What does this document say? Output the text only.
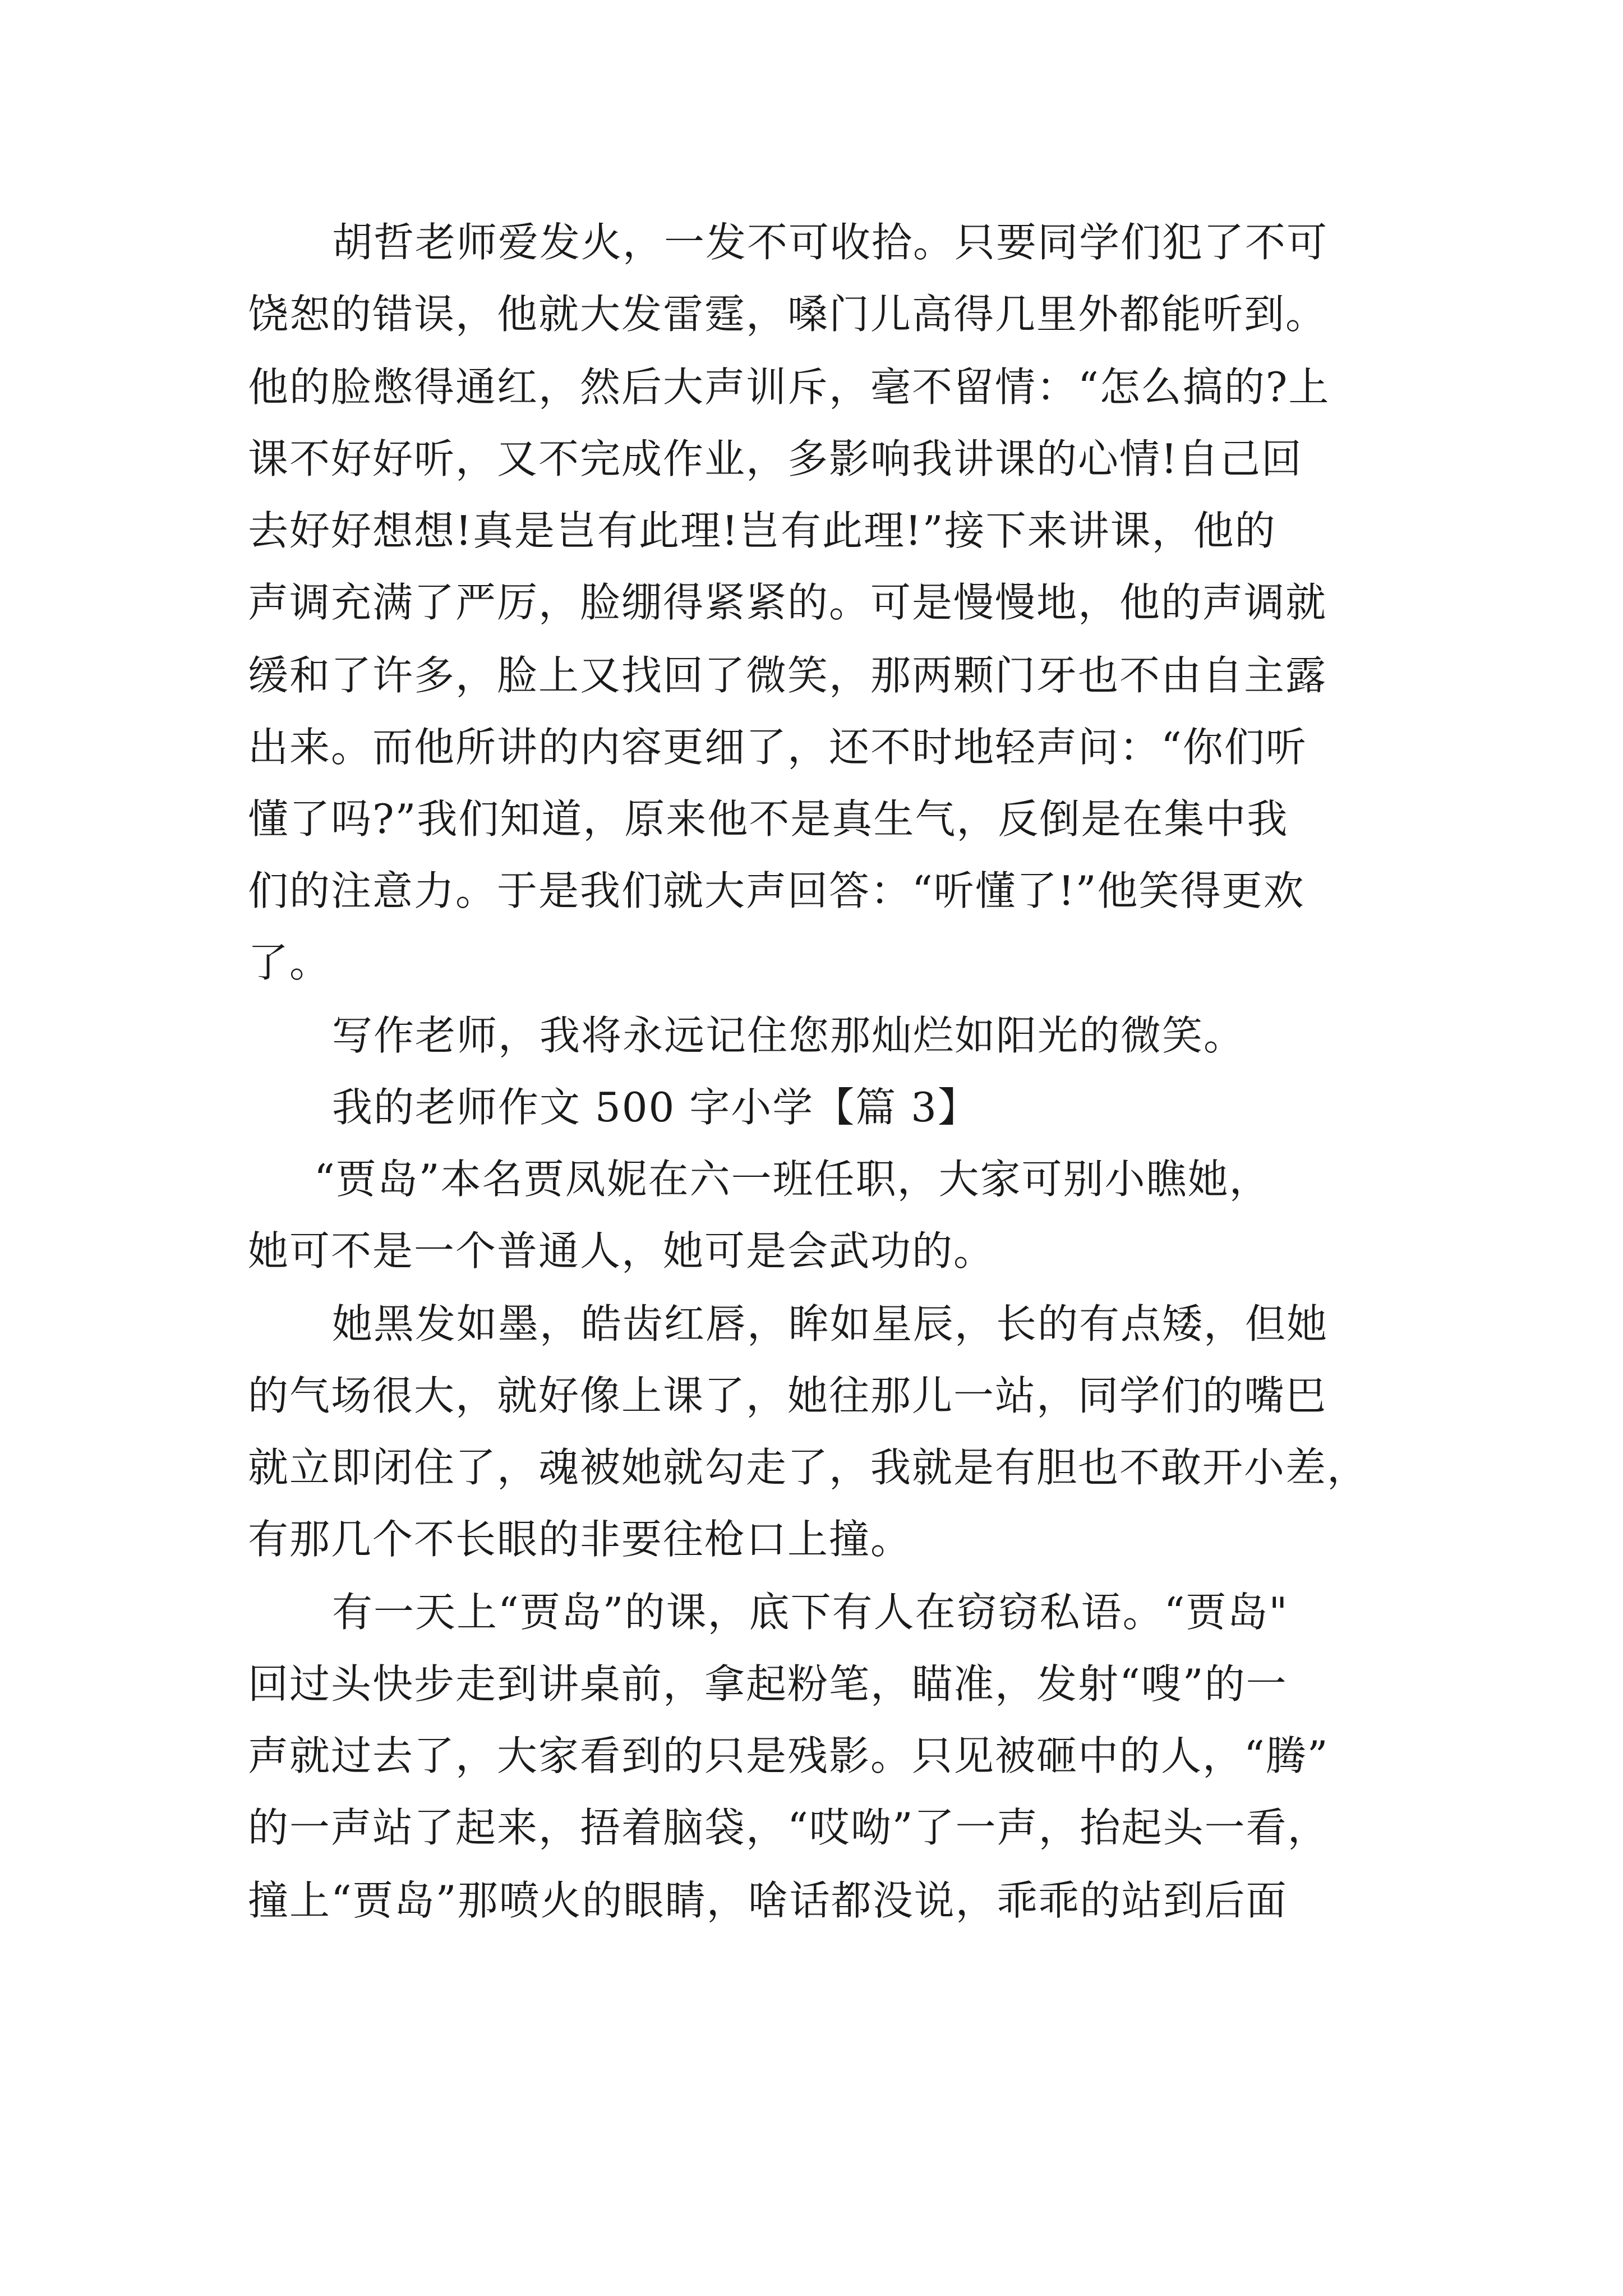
胡哲老师爱发火，一发不可收拾。只要同学们犯了不可
饶恕的错误，他就大发雷霆，嗓门儿高得几里外都能听到。
他的脸憋得通红，然后大声训斥，毫不留情：“怎么搞的?上
课不好好听，又不完成作业，多影响我讲课的心情!自己回
去好好想想!真是岂有此理!岂有此理!”接下来讲课，他的
声调充满了严厉，脸绷得紧紧的。可是慢慢地，他的声调就
缓和了许多，脸上又找回了微笑，那两颗门牙也不由自主露
出来。而他所讲的内容更细了，还不时地轻声问：“你们听
懂了吗?”我们知道，原来他不是真生气，反倒是在集中我
们的注意力。于是我们就大声回答：“听懂了!”他笑得更欢
了。
写作老师，我将永远记住您那灿烂如阳光的微笑。
我的老师作文 500 字小学【篇 3】
“贾岛”本名贾凤妮在六一班任职，大家可别小瞧她，
她可不是一个普通人，她可是会武功的。
她黑发如墨，皓齿红唇，眸如星辰，长的有点矮，但她
的气场很大，就好像上课了，她往那儿一站，同学们的嘴巴
就立即闭住了，魂被她就勾走了，我就是有胆也不敢开小差，
有那几个不长眼的非要往枪口上撞。
有一天上“贾岛”的课，底下有人在窃窃私语。“贾岛"
回过头快步走到讲桌前，拿起粉笔，瞄准，发射“嗖”的一
声就过去了，大家看到的只是残影。只见被砸中的人，“腾”
的一声站了起来，捂着脑袋，“哎呦”了一声，抬起头一看，
撞上“贾岛”那喷火的眼睛，啥话都没说，乖乖的站到后面
